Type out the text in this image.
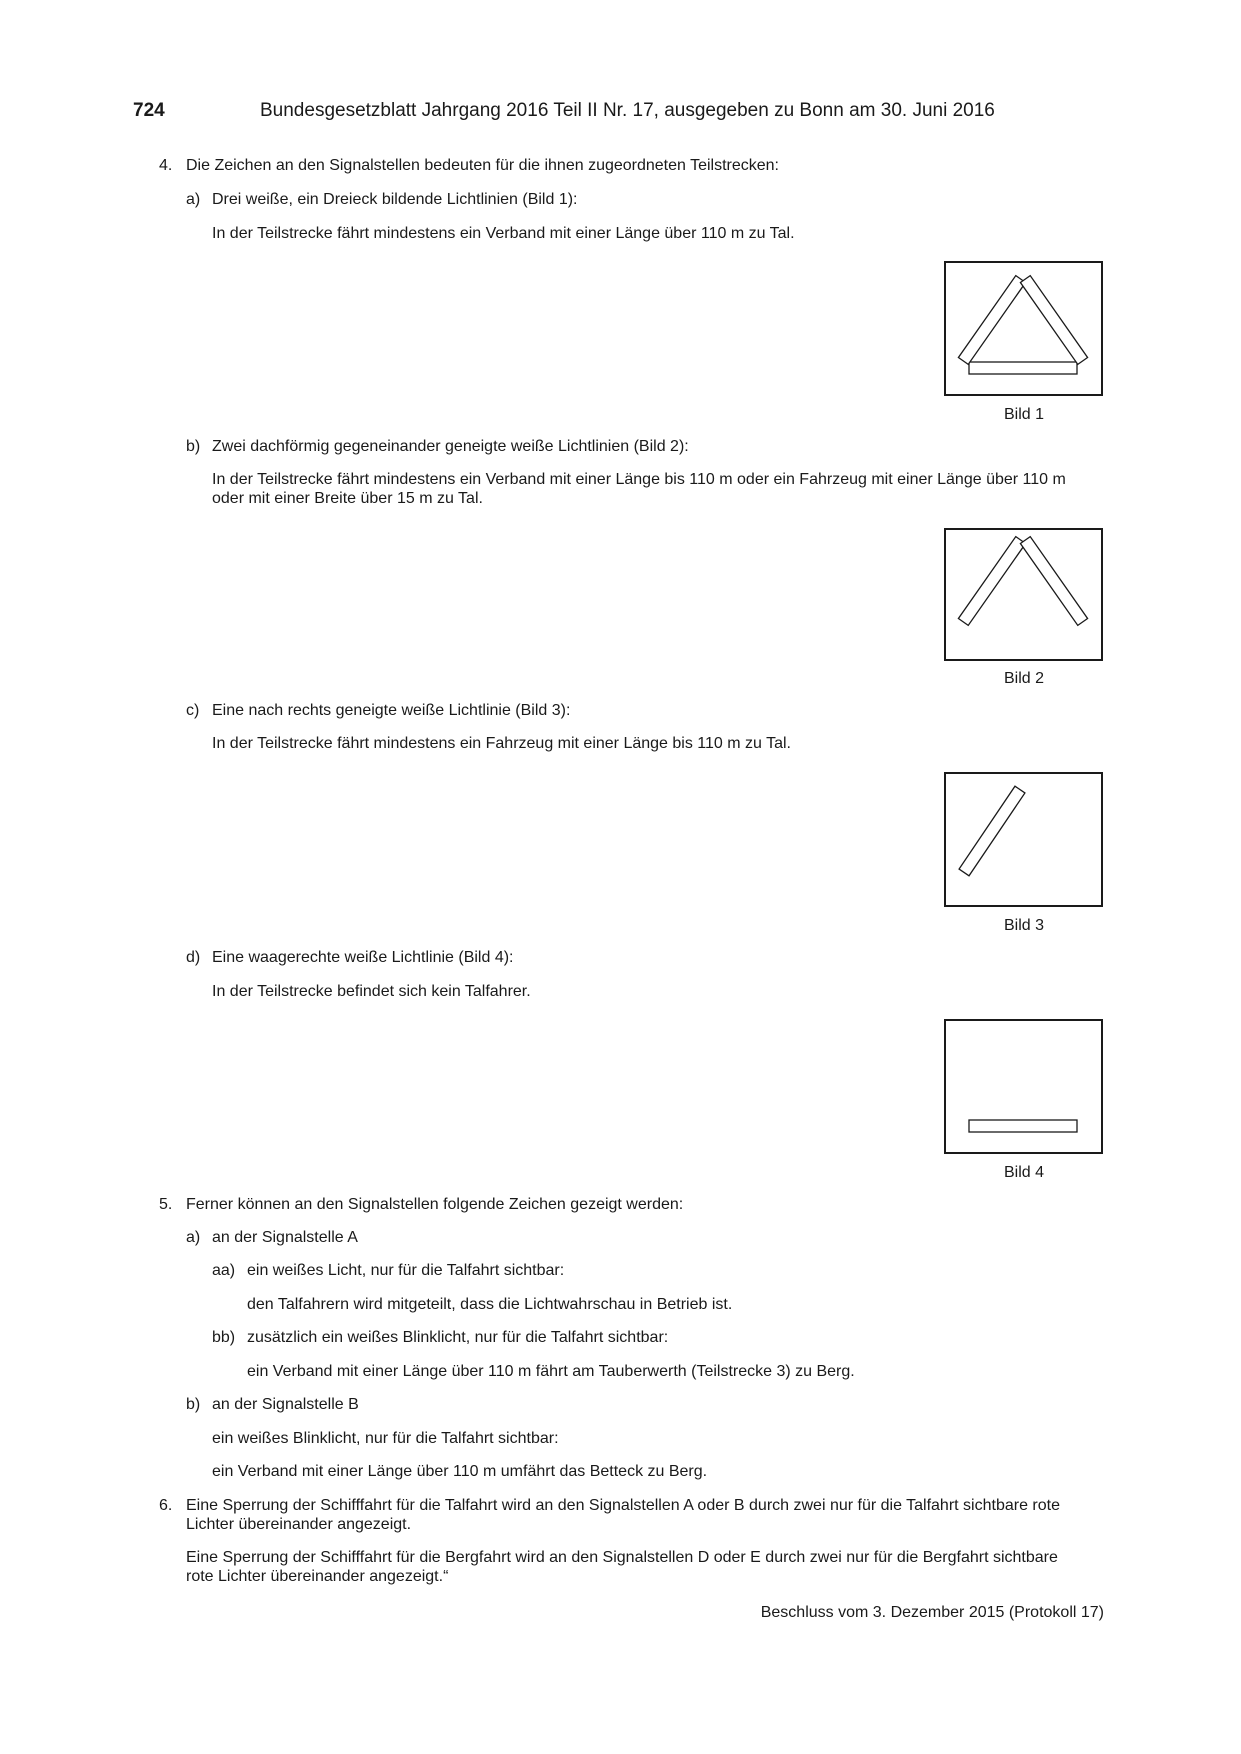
724	Bundesgesetzblatt Jahrgang 2016 Teil II Nr. 17, ausgegeben zu Bonn am 30. Juni 2016
4. Die Zeichen an den Signalstellen bedeuten für die ihnen zugeordneten Teilstrecken:
a) Drei weiße, ein Dreieck bildende Lichtlinien (Bild 1):
In der Teilstrecke fährt mindestens ein Verband mit einer Länge über 110 m zu Tal.
Bild 1
b) Zwei dachförmig gegeneinander geneigte weiße Lichtlinien (Bild 2):
In der Teilstrecke fährt mindestens ein Verband mit einer Länge bis 110 m oder ein Fahrzeug mit einer Länge über 110 m
oder mit einer Breite über 15 m zu Tal.
Bild 2
c) Eine nach rechts geneigte weiße Lichtlinie (Bild 3):
In der Teilstrecke fährt mindestens ein Fahrzeug mit einer Länge bis 110 m zu Tal.
Bild 3
d) Eine waagerechte weiße Lichtlinie (Bild 4):
In der Teilstrecke befindet sich kein Talfahrer.
Bild 4
5. Ferner können an den Signalstellen folgende Zeichen gezeigt werden:
a) an der Signalstelle A
aa) ein weißes Licht, nur für die Talfahrt sichtbar:
den Talfahrern wird mitgeteilt, dass die Lichtwahrschau in Betrieb ist.
bb) zusätzlich ein weißes Blinklicht, nur für die Talfahrt sichtbar:
ein Verband mit einer Länge über 110 m fährt am Tauberwerth (Teilstrecke 3) zu Berg.
b) an der Signalstelle B
ein weißes Blinklicht, nur für die Talfahrt sichtbar:
ein Verband mit einer Länge über 110 m umfährt das Betteck zu Berg.
6. Eine Sperrung der Schifffahrt für die Talfahrt wird an den Signalstellen A oder B durch zwei nur für die Talfahrt sichtbare rote
Lichter übereinander angezeigt.
Eine Sperrung der Schifffahrt für die Bergfahrt wird an den Signalstellen D oder E durch zwei nur für die Bergfahrt sichtbare
rote Lichter übereinander angezeigt.“
Beschluss vom 3. Dezember 2015 (Protokoll 17)
